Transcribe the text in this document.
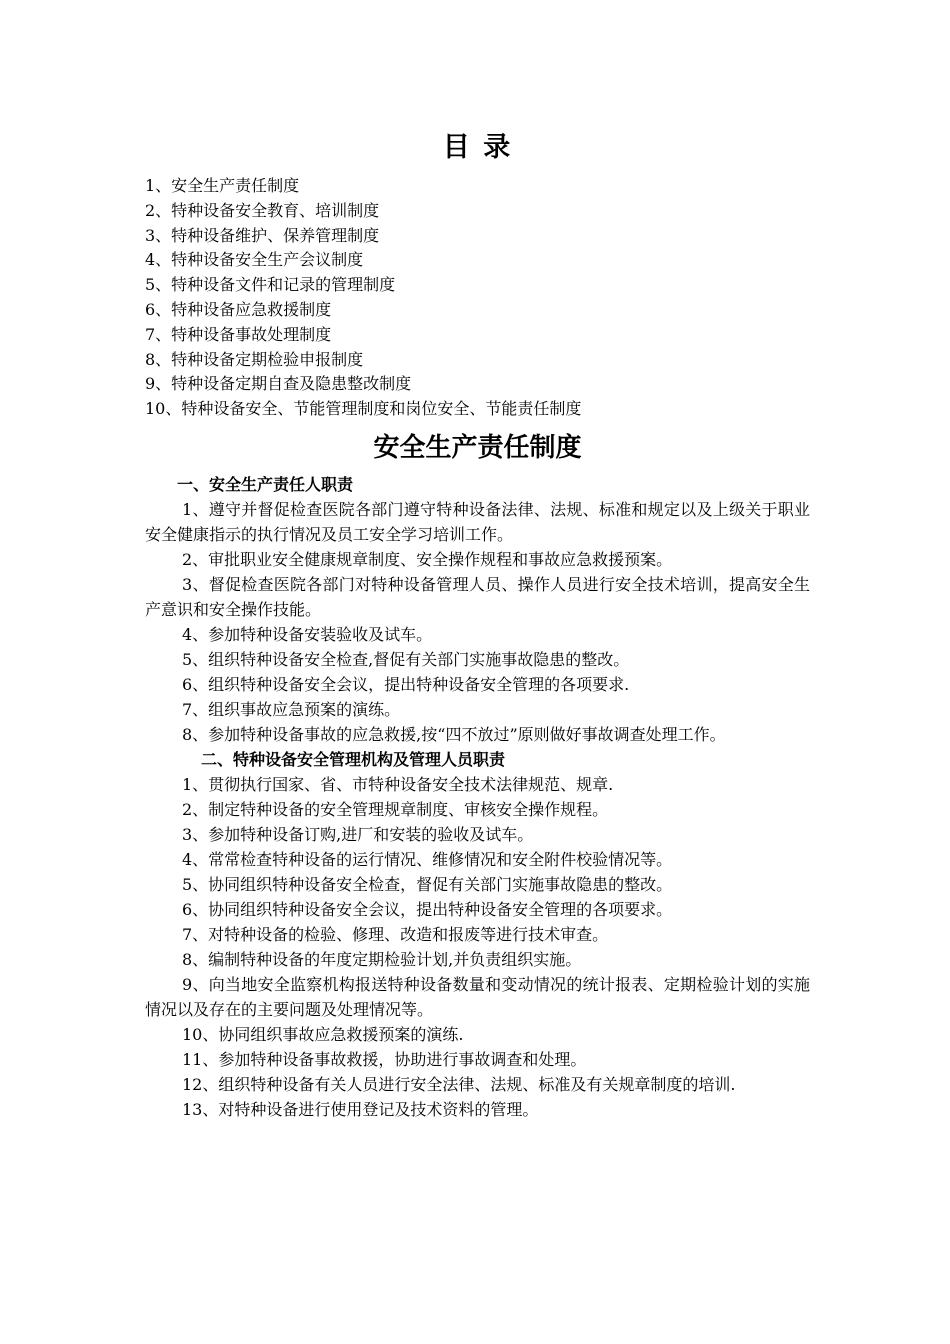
目 录
1、安全生产责任制度
2、特种设备安全教育、培训制度
3、特种设备维护、保养管理制度
4、特种设备安全生产会议制度
5、特种设备文件和记录的管理制度
6、特种设备应急救援制度
7、特种设备事故处理制度
8、特种设备定期检验申报制度
9、特种设备定期自查及隐患整改制度
10、特种设备安全、节能管理制度和岗位安全、节能责任制度
安全生产责任制度
一、安全生产责任人职责

1、遵守并督促检查医院各部门遵守特种设备法律、法规、标准和规定以及上级关于职业安全健康指示的执行情况及员工安全学习培训工作。

2、审批职业安全健康规章制度、安全操作规程和事故应急救援预案。

3、督促检查医院各部门对特种设备管理人员、操作人员进行安全技术培训，提高安全生产意识和安全操作技能。

4、参加特种设备安装验收及试车。

5、组织特种设备安全检查,督促有关部门实施事故隐患的整改。

6、组织特种设备安全会议，提出特种设备安全管理的各项要求.

7、组织事故应急预案的演练。

8、参加特种设备事故的应急救援,按“四不放过”原则做好事故调查处理工作。

二、特种设备安全管理机构及管理人员职责

1、贯彻执行国家、省、市特种设备安全技术法律规范、规章.

2、制定特种设备的安全管理规章制度、审核安全操作规程。

3、参加特种设备订购,进厂和安装的验收及试车。

4、常常检查特种设备的运行情况、维修情况和安全附件校验情况等。

5、协同组织特种设备安全检查，督促有关部门实施事故隐患的整改。

6、协同组织特种设备安全会议，提出特种设备安全管理的各项要求。

7、对特种设备的检验、修理、改造和报废等进行技术审查。

8、编制特种设备的年度定期检验计划,并负责组织实施。

9、向当地安全监察机构报送特种设备数量和变动情况的统计报表、定期检验计划的实施情况以及存在的主要问题及处理情况等。

10、协同组织事故应急救援预案的演练.

11、参加特种设备事故救援，协助进行事故调查和处理。

12、组织特种设备有关人员进行安全法律、法规、标准及有关规章制度的培训.

13、对特种设备进行使用登记及技术资料的管理。
